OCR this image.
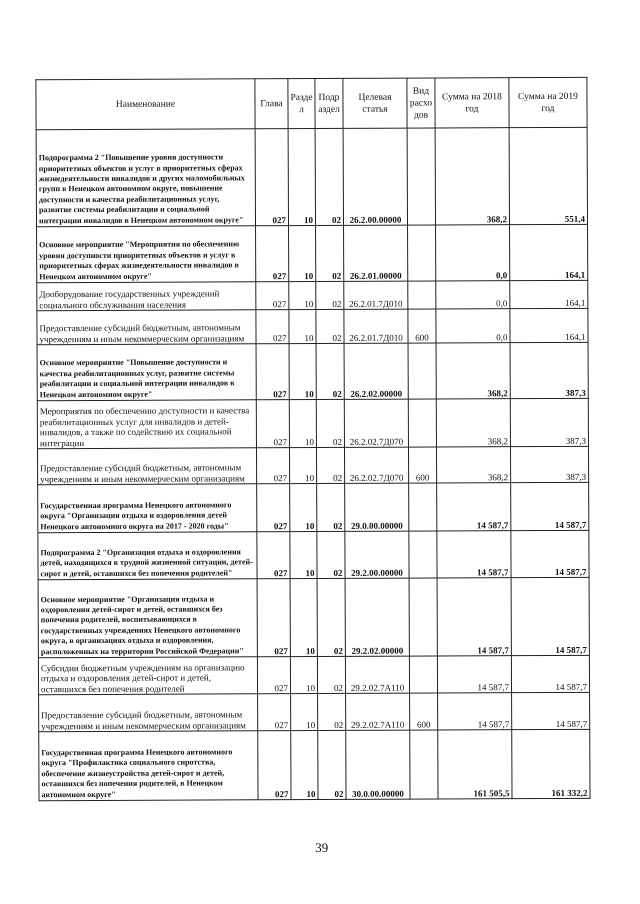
Наименование	Глава	Разде л	Подр аздел	Целевая статья	Вид расхо дов	Сумма на 2018 год	Сумма на 2019 год
Подпрограмма 2 "Повышение уровня доступности приоритетных объектов и услуг в приоритетных сферах жизнедеятельности инвалидов и других маломобильных групп в Ненецком автономном округе, повышение доступности и качества реабилитационных услуг, развитие системы реабилитации и социальной интеграции инвалидов в Ненецком автономном округе"	027	10	02	26.2.00.00000		368,2	551,4
Основное мероприятие "Мероприятия по обеспечению уровня доступности приоритетных объектов и услуг в приоритетных сферах жизнедеятельности инвалидов в Ненецком автономном округе"	027	10	02	26.2.01.00000		0,0	164,1
Дооборудование государственных учреждений социального обслуживания населения	027	10	02	26.2.01.7Д010		0,0	164,1
Предоставление субсидий бюджетным, автономным учреждениям и иным некоммерческим организациям	027	10	02	26.2.01.7Д010	600	0,0	164,1
Основное мероприятие "Повышение доступности и качества реабилитационных услуг, развитие системы реабилитации и социальной интеграции инвалидов в Ненецком автономном округе"	027	10	02	26.2.02.00000		368,2	387,3
Мероприятия по обеспечению доступности и качества реабилитационных услуг для инвалидов и детей-инвалидов, а также по содействию их социальной интеграции	027	10	02	26.2.02.7Д070		368,2	387,3
Предоставление субсидий бюджетным, автономным учреждениям и иным некоммерческим организациям	027	10	02	26.2.02.7Д070	600	368,2	387,3
Государственная программа Ненецкого автономного округа "Организация отдыха и оздоровления детей Ненецкого автономного округа на 2017 - 2020 годы"	027	10	02	29.0.00.00000		14 587,7	14 587,7
Подпрограмма 2 "Организация отдыха и оздоровления детей, находящихся в трудной жизненной ситуации, детей-сирот и детей, оставшихся без попечения родителей"	027	10	02	29.2.00.00000		14 587,7	14 587,7
Основное мероприятие "Организация отдыха и оздоровления детей-сирот и детей, оставшихся без попечения родителей, воспитывающихся в государственных учреждениях Ненецкого автономного округа, в организациях отдыха и оздоровления, расположенных на территории Российской Федерации"	027	10	02	29.2.02.00000		14 587,7	14 587,7
Субсидии бюджетным учреждениям на организацию отдыха и оздоровления детей-сирот и детей, оставшихся без попечения родителей	027	10	02	29.2.02.7А110		14 587,7	14 587,7
Предоставление субсидий бюджетным, автономным учреждениям и иным некоммерческим организациям	027	10	02	29.2.02.7А110	600	14 587,7	14 587,7
Государственная программа Ненецкого автономного округа "Профилактика социального сиротства, обеспечение жизнеустройства детей-сирот и детей, оставшихся без попечения родителей, в Ненецком автономном округе"	027	10	02	30.0.00.00000		161 505,5	161 332,2
39
